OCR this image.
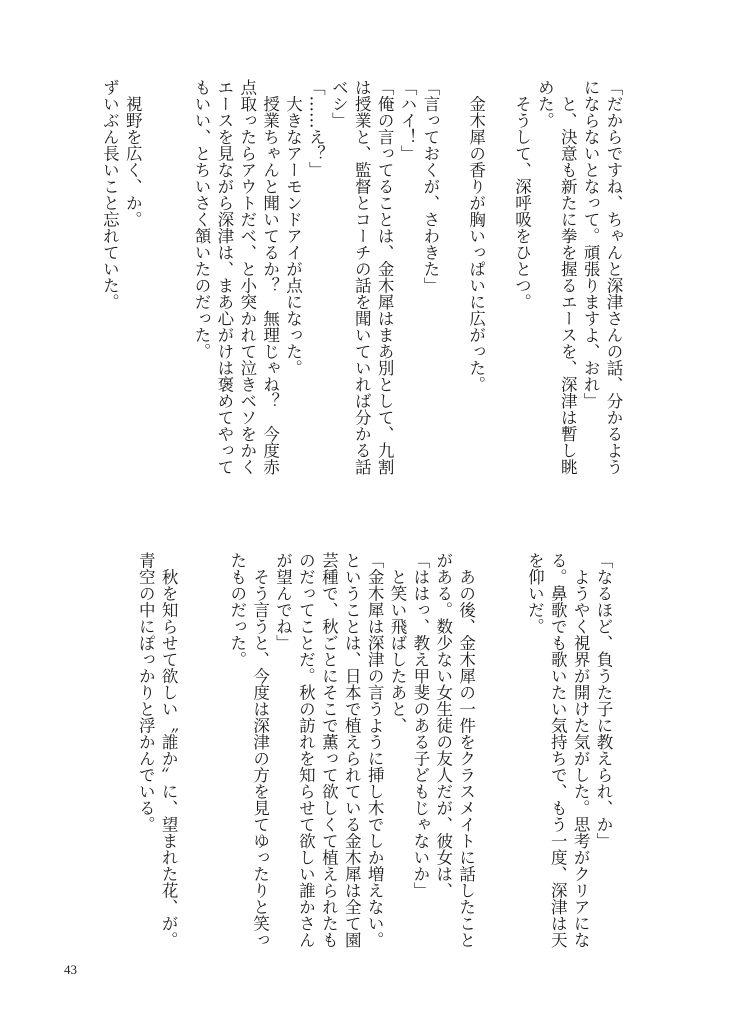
「だからですね、ちゃんと深津さんの話、分かるよう
にならないとなって。頑張りますよ、おれ」
　と、決意も新たに拳を握るエースを、深津は暫し眺
めた。
　そうして、深呼吸をひとつ。
　金木犀の香りが胸いっぱいに広がった。
「言っておくが、さわきた」
「ハイ！」
「俺の言ってることは、金木犀はまあ別として、九割
は授業と、監督とコーチの話を聞いていれば分かる話
ベシ」
「……え？」
　大きなアーモンドアイが点になった。
　授業ちゃんと聞いてるか？　無理じゃね？　今度赤
点取ったらアウトだベ、と小突かれて泣きベソをかく
エースを見ながら深津は、まあ心がけは褒めてやって
もいい、とちいさく頷いたのだった。
　視野を広く、か。
ずいぶん長いこと忘れていた。
「なるほど、負うた子に教えられ、か」
　ようやく視界が開けた気がした。思考がクリアにな
る。鼻歌でも歌いたい気持ちで、もう一度、深津は天
を仰いだ。
　あの後、金木犀の一件をクラスメイトに話したこと
がある。数少ない女生徒の友人だが、彼女は、
「ははっ、教え甲斐のある子どもじゃないか」
　と笑い飛ばしたあと、
「金木犀は深津の言うように挿し木でしか増えない。
ということは、日本で植えられている金木犀は全て園
芸種で、秋ごとにそこで薫って欲しくて植えられたも
のだってことだ。秋の訪れを知らせて欲しい誰かさん
が望んでね」
　そう言うと、今度は深津の方を見てゆったりと笑っ
たものだった。
　秋を知らせて欲しい〝誰か〟に、望まれた花、が。
青空の中にぽっかりと浮かんでいる。
43
